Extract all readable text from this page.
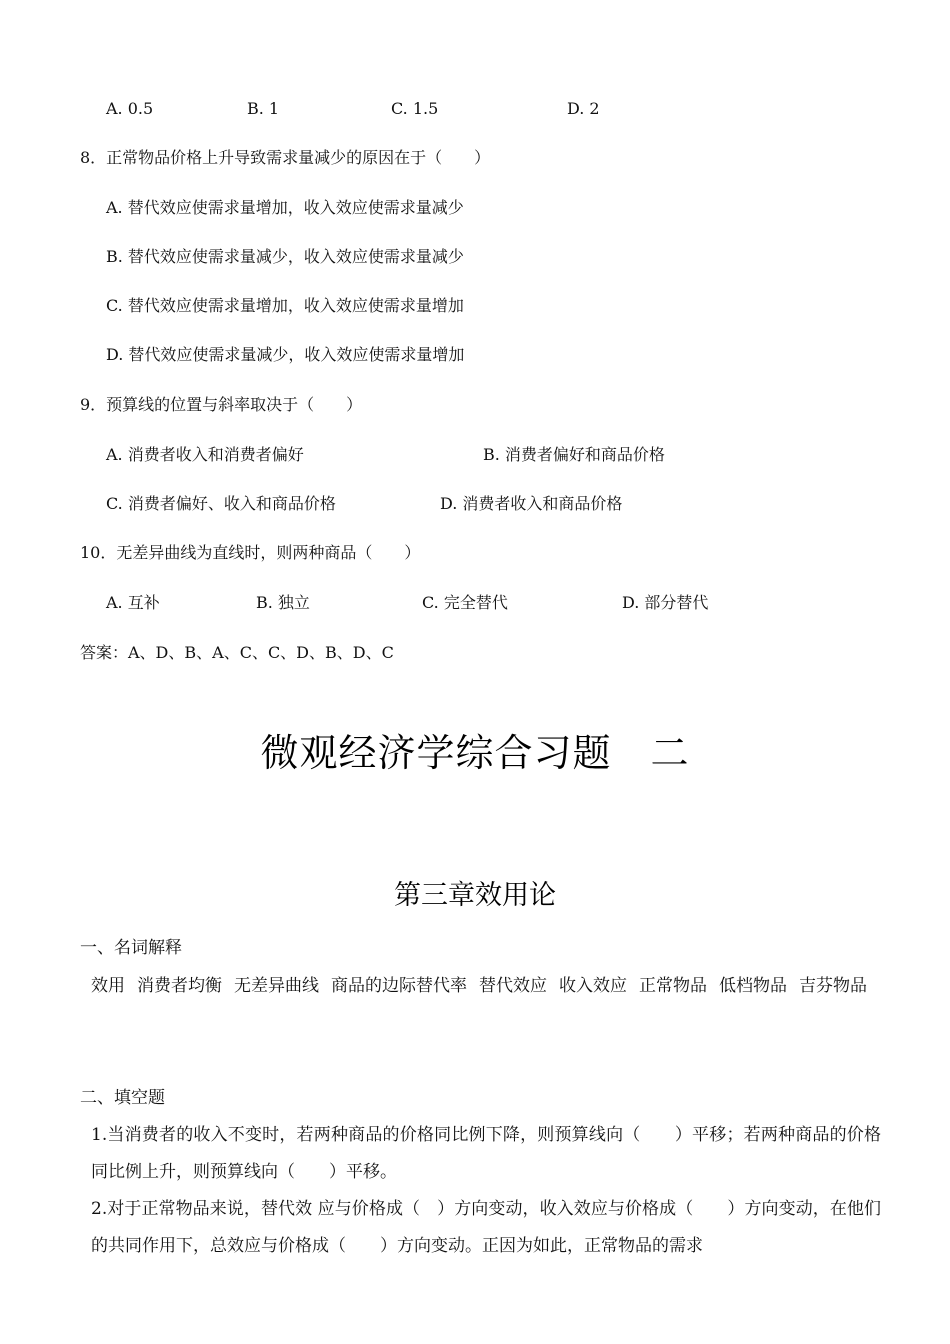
A. 0.5	B. 1	C. 1.5	D. 2
8．正常物品价格上升导致需求量减少的原因在于（　　）
A. 替代效应使需求量增加，收入效应使需求量减少
B. 替代效应使需求量减少，收入效应使需求量减少
C. 替代效应使需求量增加，收入效应使需求量增加
D. 替代效应使需求量减少，收入效应使需求量增加
9．预算线的位置与斜率取决于（　　）
A. 消费者收入和消费者偏好	B. 消费者偏好和商品价格
C. 消费者偏好、收入和商品价格	D. 消费者收入和商品价格
10．无差异曲线为直线时，则两种商品（　　）
A. 互补	B. 独立	C. 完全替代	D. 部分替代
答案：A、D、B、A、C、C、D、B、D、C
微观经济学综合习题　二
第三章效用论
一、名词解释
效用 消费者均衡 无差异曲线 商品的边际替代率 替代效应 收入效应 正常物品 低档物品 吉芬物品
二、填空题
1.当消费者的收入不变时，若两种商品的价格同比例下降，则预算线向（　　）平移；若两种商品的价格同比例上升，则预算线向（　　）平移。
2.对于正常物品来说，替代效 应与价格成（　）方向变动，收入效应与价格成（　　）方向变动，在他们的共同作用下，总效应与价格成（　　）方向变动。正因为如此，正常物品的需求
